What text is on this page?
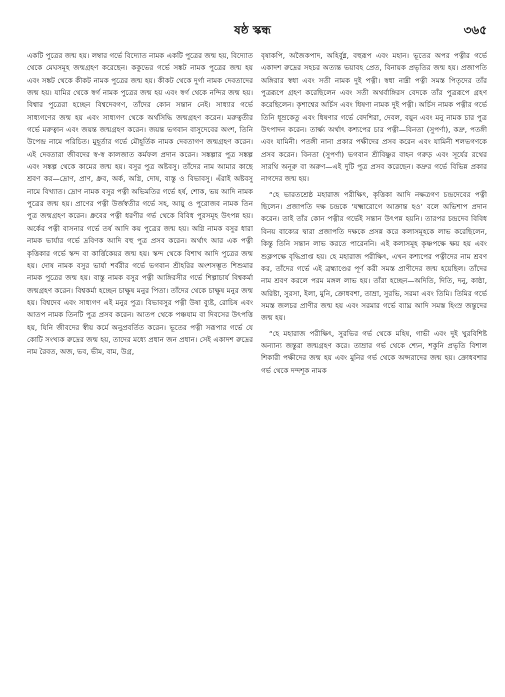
ষষ্ঠ স্কন্ধ	৩৬৫

একটি পুত্রের জন্ম হয়। লম্বার গর্ভে বিদ্যোত নামক একটি পুত্রের জন্ম হয়, বিদ্যোত থেকে মেঘসমূহ জন্মগ্রহণ করেছেন। ককুভের গর্ভে সঙ্কট নামক পুত্রের জন্ম হয় এবং সঙ্কট থেকে কীকট নামক পুত্রের জন্ম হয়। কীকট থেকে দুর্গা নামক দেবতাদের জন্ম হয়। যামির থেকে স্বর্গ নামক পুত্রের জন্ম হয় এবং স্বর্গ থেকে নন্দির জন্ম হয়। বিশ্বার পুত্রেরা হচ্ছেন বিশ্বদেবগণ, তাঁদের কোন সন্তান নেই। সাধ্যার গর্ভে সাধ্যগণের জন্ম হয় এবং সাধ্যগণ থেকে অর্থসিদ্ধি জন্মগ্রহণ করেন। মরুত্বতীর গর্ভে মরুত্বান এবং জয়ন্ত জন্মগ্রহণ করেন। জয়ন্ত ভগবান বাসুদেবের অংশ, তিনি উপেন্দ্র নামে পরিচিত। মুহূর্তার গর্ভে মৌহূর্তিক নামক দেবতাগণ জন্মগ্রহণ করেন। এই দেবতারা জীবদের স্ব-স্ব কালজাত কর্মফল প্রদান করেন। সঙ্কল্পার পুত্র সঙ্কল্প এবং সঙ্কল্প থেকে কামের জন্ম হয়। বসুর পুত্র অষ্টবসু। তাঁদের নাম আমার কাছে শ্রবণ কর—দ্রোণ, প্রাণ, ধ্রুব, অর্ক, অগ্নি, দোষ, বাস্তু ও বিভাবসু। এঁরাই অষ্টবসু নামে বিখ্যাত। দ্রোণ নামক বসুর পত্নী অভিমতির গর্ভে হর্ষ, শোক, ভয় আদি নামক পুত্রের জন্ম হয়। প্রাণের পত্নী উর্জস্বতীর গর্ভে সহ, আয়ু ও পুরোজব নামক তিন পুত্র জন্মগ্রহণ করেন। ধ্রুবের পত্নী ধরণীর গর্ভ থেকে বিবিধ পুরসমূহ উৎপন্ন হয়। অর্কের পত্নী বাসনার গর্ভে তর্ষ আদি কয় পুত্রের জন্ম হয়। অগ্নি নামক বসুর ধারা নামক ভার্যার গর্ভে দ্রবিণক আদি বহু পুত্র প্রসব করেন। অর্থাৎ আর এক পত্নী কৃত্তিকার গর্ভে স্কন্দ বা কার্ত্তিকেয়র জন্ম হয়। স্কন্দ থেকে বিশাখ আদি পুত্রের জন্ম হয়। দোষ নামক বসুর ভার্যা শর্বরীর গর্ভে ভগবান শ্রীহরির অংশসম্ভূত শিশুমার নামক পুত্রের জন্ম হয়। বাস্তু নামক বসুর পত্নী আঙ্গিরসীর গর্ভে শিল্পাচার্য বিশ্বকর্মা জন্মগ্রহণ করেন। বিশ্বকর্মা হচ্ছেন চাক্ষুষ মনুর পিতা। তাঁদের থেকে চাক্ষুষ মনুর জন্ম হয়। বিশ্বদেব এবং সাধ্যগণ এই মনুর পুত্র। বিভাবসুর পত্নী উষা ব্যুষ্ট, রোচিষ এবং আতপ নামক তিনটি পুত্র প্রসব করেন। আতপ থেকে পঞ্চযাম বা দিবসের উৎপত্তি হয়, যিনি জীবদের স্বীয় কর্মে অনুপ্রবর্তিত করেন। ভূতের পত্নী সরূপার গর্ভে যে কোটি সংখ্যক রুদ্রের জন্ম হয়, তাদের মধ্যে প্রধান জন প্রধান। সেই একাদশ রুদ্রের নাম রৈবত, অজ, ভব, ভীম, বাম, উগ্র,

বৃষাকপি, অজৈকপাদ, অহির্বুধ্ন, বহুরূপ এবং মহান। ভূতের অপর পত্নীর গর্ভে একাদশ রুদ্রের সহচর অত্যন্ত ভয়াবহ প্রেত, বিনায়ক প্রভৃতির জন্ম হয়। প্রজাপতি অঙ্গিরার স্বধা এবং সতী নামক দুই পত্নী। স্বধা নাম্নী পত্নী সমস্ত পিতৃদের তাঁর পুত্ররূপে গ্রহণ করেছিলেন এবং সতী অথর্বাঙ্গিরস বেদকে তাঁর পুত্ররূপে গ্রহণ করেছিলেন। কৃশাশ্বের অর্চিস এবং ধিষণা নামক দুই পত্নী। অর্চিস নামক পত্নীর গর্ভে তিনি ধূম্রকেতু এবং ধিষণার গর্ভে বেদশিরা, দেবল, বয়ুন এবং মনু নামক চার পুত্র উৎপাদন করেন। তার্ক্ষ্য অর্থাৎ কশ্যপের চার পত্নী—বিনতা (সুপর্ণা), কদ্রু, পতঙ্গী এবং যামিনী। পতঙ্গী নানা প্রকার পক্ষীদের প্রসব করেন এবং যামিনী শলভগণকে প্রসব করেন। বিনতা (সুপর্ণা) ভগবান শ্রীবিষ্ণুর বাহন গরুড় এবং সূর্যের রথের সারথি অনূরু বা অরুণ—এই দুটি পুত্র প্রসব করেছেন। কদ্রুর গর্ভে বিভিন্ন প্রকার নাগদের জন্ম হয়।

“হে ভারতশ্রেষ্ঠ মহারাজ পরীক্ষিৎ, কৃত্তিকা আদি নক্ষত্রগণ চন্দ্রদেবের পত্নী ছিলেন। প্রজাপতি দক্ষ চন্দ্রকে ‘যক্ষ্মারোগে আক্রান্ত হও’ বলে অভিশাপ প্রদান করেন। তাই তাঁর কোন পত্নীর গর্ভেই সন্তান উৎপন্ন হয়নি। তারপর চন্দ্রদেব বিবিধ বিনয় বাক্যের দ্বারা প্রজাপতি দক্ষকে প্রসন্ন করে কলাসমূহকে লাভ করেছিলেন, কিন্তু তিনি সন্তান লাভ করতে পারেননি। এই কলাসমূহ কৃষ্ণপক্ষে ক্ষয় হয় এবং শুক্লপক্ষে বৃদ্ধিপ্রাপ্ত হয়। হে মহারাজ পরীক্ষিৎ, এখন কশ্যপের পত্নীদের নাম শ্রবণ কর, তাঁদের গর্ভে এই ব্রহ্মাণ্ডের পূর্ণ করী সমস্ত প্রাণীদের জন্ম হয়েছিল। তাঁদের নাম শ্রবণ করলে পরম মঙ্গল লাভ হয়। তাঁরা হচ্ছেন—অদিতি, দিতি, দনু, কাষ্ঠা, অরিষ্টা, সুরসা, ইলা, মুনি, ক্রোধবশা, তাম্রা, সুরভি, সরমা এবং তিমি। তিমির গর্ভে সমস্ত জলচর প্রাণীর জন্ম হয় এবং সরমার গর্ভে ব্যাঘ্র আদি সমস্ত হিংস্র জন্তুদের জন্ম হয়।

“হে মহারাজ পরীক্ষিৎ, সুরভির গর্ভ থেকে মহিষ, গাভী এবং দুই খুরবিশিষ্ট অন্যান্য জন্তুরা জন্মগ্রহণ করে। তাম্রার গর্ভ থেকে শ্যেন, শকুনি প্রভৃতি বিশাল শিকারী পক্ষীদের জন্ম হয় এবং মুনির গর্ভ থেকে অপ্সরাদের জন্ম হয়। ক্রোধবশার গর্ভ থেকে দন্দশূক নামক
